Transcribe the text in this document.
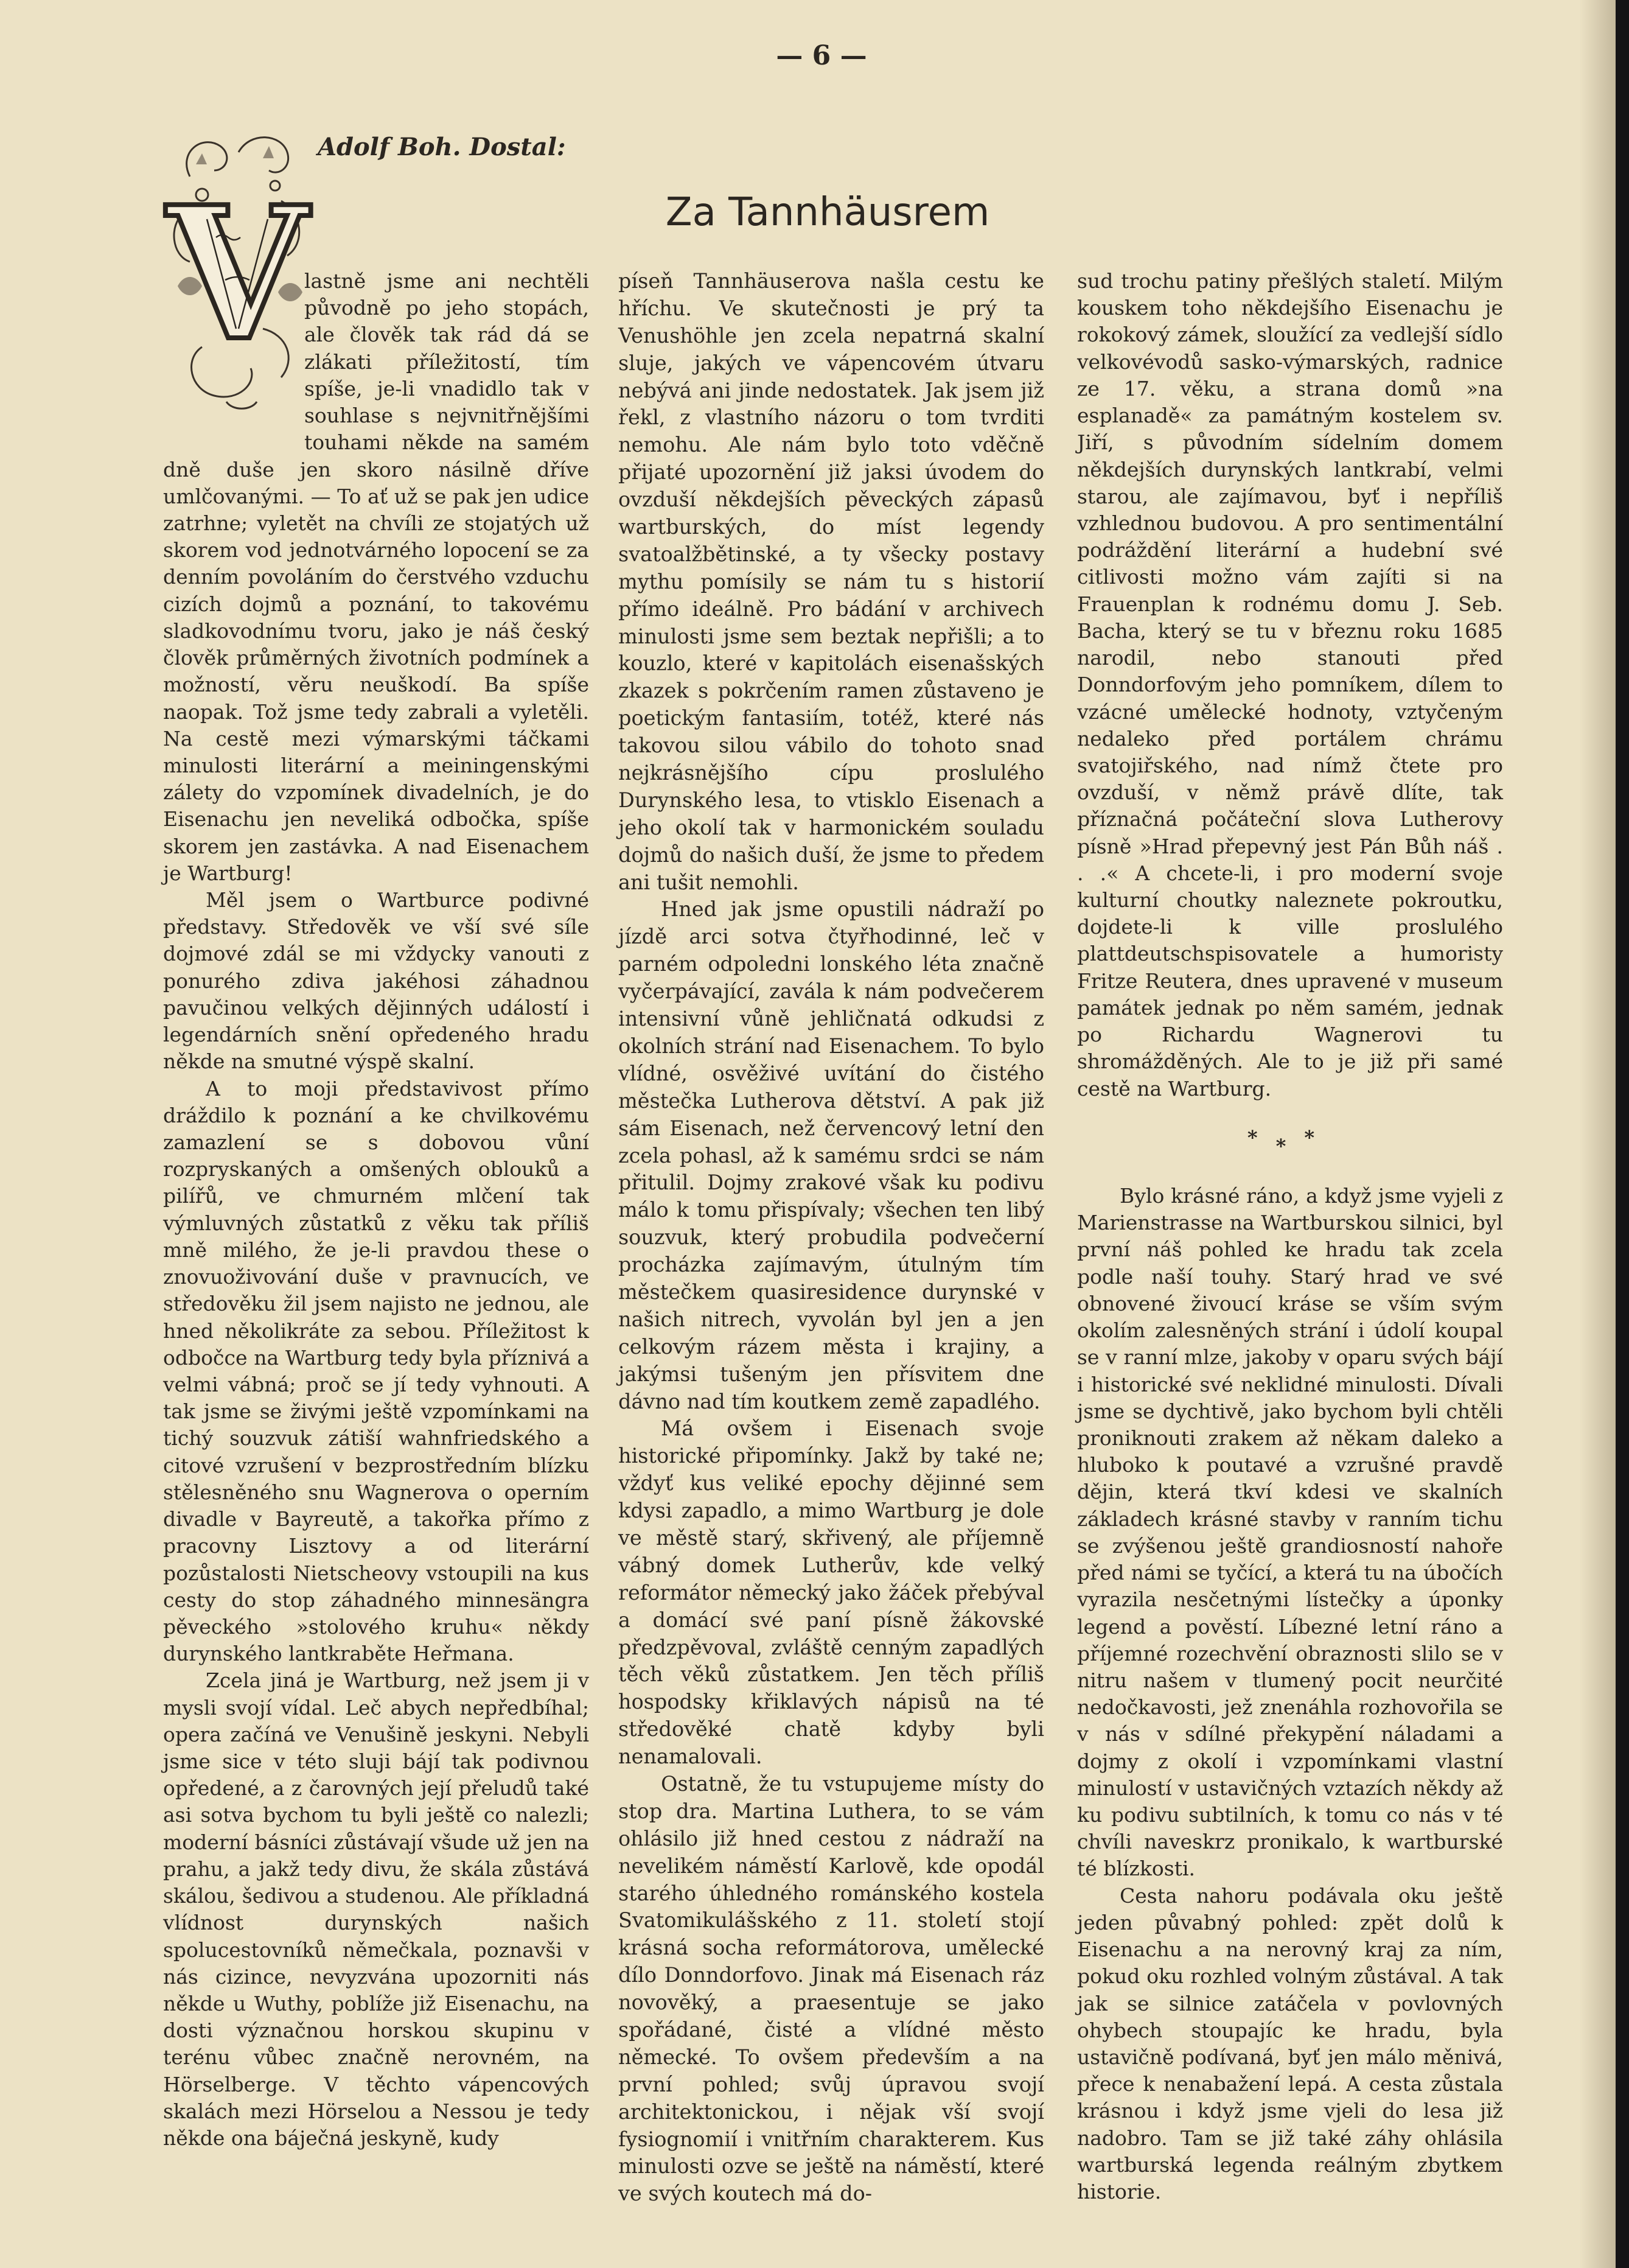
— 6 —
Adolf Boh. Dostal:
Za Tannhäusrem
V

lastně jsme ani nechtěli původně po jeho stopách, ale člověk tak rád dá se zlákati příležitostí, tím spíše, je-li vnadidlo tak v souhlase s nejvnitřnějšími touhami někde na samém dně duše jen skoro násilně dříve umlčovanými. — To ať už se pak jen udice zatrhne; vyletět na chvíli ze stojatých už skorem vod jednotvárného lopocení se za denním povoláním do čerstvého vzduchu cizích dojmů a poznání, to takovému sladkovodnímu tvoru, jako je náš český člověk průměrných životních podmínek a možností, věru neuškodí. Ba spíše naopak. Tož jsme tedy zabrali a vyletěli. Na cestě mezi výmarskými táčkami minulosti literární a meiningenskými zálety do vzpomínek divadelních, je do Eisenachu jen neveliká odbočka, spíše skorem jen zastávka. A nad Eisenachem je Wartburg!

Měl jsem o Wartburce podivné představy. Středověk ve vší své síle dojmové zdál se mi vždycky vanouti z ponurého zdiva jakéhosi záhadnou pavučinou velkých dějinných událostí i legendárních snění opředeného hradu někde na smutné výspě skalní.

A to moji představivost přímo dráždilo k poznání a ke chvilkovému zamazlení se s dobovou vůní rozpryskaných a omšených oblouků a pilířů, ve chmurném mlčení tak výmluvných zůstatků z věku tak příliš mně milého, že je-li pravdou these o znovuoživování duše v pravnucích, ve středověku žil jsem najisto ne jednou, ale hned několikráte za sebou. Příležitost k odbočce na Wartburg tedy byla příznivá a velmi vábná; proč se jí tedy vyhnouti. A tak jsme se živými ještě vzpomínkami na tichý souzvuk zátiší wahnfriedského a citové vzrušení v bezprostředním blízku stělesněného snu Wagnerova o operním divadle v Bayreutě, a takořka přímo z pracovny Lisztovy a od literární pozůstalosti Nietscheovy vstoupili na kus cesty do stop záhadného minnesängra pěveckého »stolového kruhu« někdy durynského lantkraběte Heřmana.

Zcela jiná je Wartburg, než jsem ji v mysli svojí vídal. Leč abych nepředbíhal; opera začíná ve Venušině jeskyni. Nebyli jsme sice v této sluji bájí tak podivnou opředené, a z čarovných její přeludů také asi sotva bychom tu byli ještě co nalezli; moderní básníci zůstávají všude už jen na prahu, a jakž tedy divu, že skála zůstává skálou, šedivou a studenou. Ale příkladná vlídnost durynských našich spolucestovníků němečkala, poznavši v nás cizince, nevyzvána upozorniti nás někde u Wuthy, poblíže již Eisenachu, na dosti význačnou horskou skupinu v terénu vůbec značně nerovném, na Hörselberge. V těchto vápencových skalách mezi Hörselou a Nessou je tedy někde ona báječná jeskyně, kudy

píseň Tannhäuserova našla cestu ke hříchu. Ve skutečnosti je prý ta Venushöhle jen zcela nepatrná skalní sluje, jakých ve vápencovém útvaru nebývá ani jinde nedostatek. Jak jsem již řekl, z vlastního názoru o tom tvrditi nemohu. Ale nám bylo toto vděčně přijaté upozornění již jaksi úvodem do ovzduší někdejších pěveckých zápasů wartburských, do míst legendy svatoalžbětinské, a ty všecky postavy mythu pomísily se nám tu s historií přímo ideálně. Pro bádání v archivech minulosti jsme sem beztak nepřišli; a to kouzlo, které v kapitolách eisenašských zkazek s pokrčením ramen zůstaveno je poetickým fantasiím, totéž, které nás takovou silou vábilo do tohoto snad nejkrásnějšího cípu proslulého Durynského lesa, to vtisklo Eisenach a jeho okolí tak v harmonickém souladu dojmů do našich duší, že jsme to předem ani tušit nemohli.

Hned jak jsme opustili nádraží po jízdě arci sotva čtyřhodinné, leč v parném odpoledni lonského léta značně vyčerpávající, zavála k nám podvečerem intensivní vůně jehličnatá odkudsi z okolních strání nad Eisenachem. To bylo vlídné, osvěživé uvítání do čistého městečka Lutherova dětství. A pak již sám Eisenach, než červencový letní den zcela pohasl, až k samému srdci se nám přitulil. Dojmy zrakové však ku podivu málo k tomu přispívaly; všechen ten libý souzvuk, který probudila podvečerní procházka zajímavým, útulným tím městečkem quasiresidence durynské v našich nitrech, vyvolán byl jen a jen celkovým rázem města i krajiny, a jakýmsi tušeným jen přísvitem dne dávno nad tím koutkem země zapadlého.

Má ovšem i Eisenach svoje historické připomínky. Jakž by také ne; vždyť kus veliké epochy dějinné sem kdysi zapadlo, a mimo Wartburg je dole ve městě starý, skřivený, ale příjemně vábný domek Lutherův, kde velký reformátor německý jako žáček přebýval a domácí své paní písně žákovské předzpěvoval, zvláště cenným zapadlých těch věků zůstatkem. Jen těch příliš hospodsky křiklavých nápisů na té středověké chatě kdyby byli nenamalovali.

Ostatně, že tu vstupujeme místy do stop dra. Martina Luthera, to se vám ohlásilo již hned cestou z nádraží na nevelikém náměstí Karlově, kde opodál starého úhledného románského kostela Svatomikulášského z 11. století stojí krásná socha reformátorova, umělecké dílo Donndorfovo. Jinak má Eisenach ráz novověký, a praesentuje se jako spořádané, čisté a vlídné město německé. To ovšem především a na první pohled; svůj úpravou svojí architektonickou, i nějak vší svojí fysiognomií i vnitřním charakterem. Kus minulosti ozve se ještě na náměstí, které ve svých koutech má do-

sud trochu patiny přešlých staletí. Milým kouskem toho někdejšího Eisenachu je rokokový zámek, sloužící za vedlejší sídlo velkovévodů sasko-výmarských, radnice ze 17. věku, a strana domů »na esplanadě« za památným kostelem sv. Jiří, s původním sídelním domem někdejších durynských lantkrabí, velmi starou, ale zajímavou, byť i nepříliš vzhlednou budovou. A pro sentimentální podráždění literární a hudební své citlivosti možno vám zajíti si na Frauenplan k rodnému domu J. Seb. Bacha, který se tu v březnu roku 1685 narodil, nebo stanouti před Donndorfovým jeho pomníkem, dílem to vzácné umělecké hodnoty, vztyčeným nedaleko před portálem chrámu svatojiřského, nad nímž čtete pro ovzduší, v němž právě dlíte, tak příznačná počáteční slova Lutherovy písně »Hrad přepevný jest Pán Bůh náš . . .« A chcete-li, i pro moderní svoje kulturní choutky naleznete pokroutku, dojdete-li k ville proslulého plattdeutschspisovatele a humoristy Fritze Reutera, dnes upravené v museum památek jednak po něm samém, jednak po Richardu Wagnerovi tu shromážděných. Ale to je již při samé cestě na Wartburg.

***

Bylo krásné ráno, a když jsme vyjeli z Marienstrasse na Wartburskou silnici, byl první náš pohled ke hradu tak zcela podle naší touhy. Starý hrad ve své obnovené živoucí kráse se vším svým okolím zalesněných strání i údolí koupal se v ranní mlze, jakoby v oparu svých bájí i historické své neklidné minulosti. Dívali jsme se dychtivě, jako bychom byli chtěli proniknouti zrakem až někam daleko a hluboko k poutavé a vzrušné pravdě dějin, která tkví kdesi ve skalních základech krásné stavby v ranním tichu se zvýšenou ještě grandiosností nahoře před námi se tyčící, a která tu na úbočích vyrazila nesčetnými lístečky a úponky legend a pověstí. Líbezné letní ráno a příjemné rozechvění obraznosti slilo se v nitru našem v tlumený pocit neurčité nedočkavosti, jež znenáhla rozhovořila se v nás v sdílné překypění náladami a dojmy z okolí i vzpomínkami vlastní minulostí v ustavičných vztazích někdy až ku podivu subtilních, k tomu co nás v té chvíli naveskrz pronikalo, k wartburské té blízkosti.

Cesta nahoru podávala oku ještě jeden půvabný pohled: zpět dolů k Eisenachu a na nerovný kraj za ním, pokud oku rozhled volným zůstával. A tak jak se silnice zatáčela v povlovných ohybech stoupajíc ke hradu, byla ustavičně podívaná, byť jen málo měnivá, přece k nenabažení lepá. A cesta zůstala krásnou i když jsme vjeli do lesa již nadobro. Tam se již také záhy ohlásila wartburská legenda reálným zbytkem historie.
